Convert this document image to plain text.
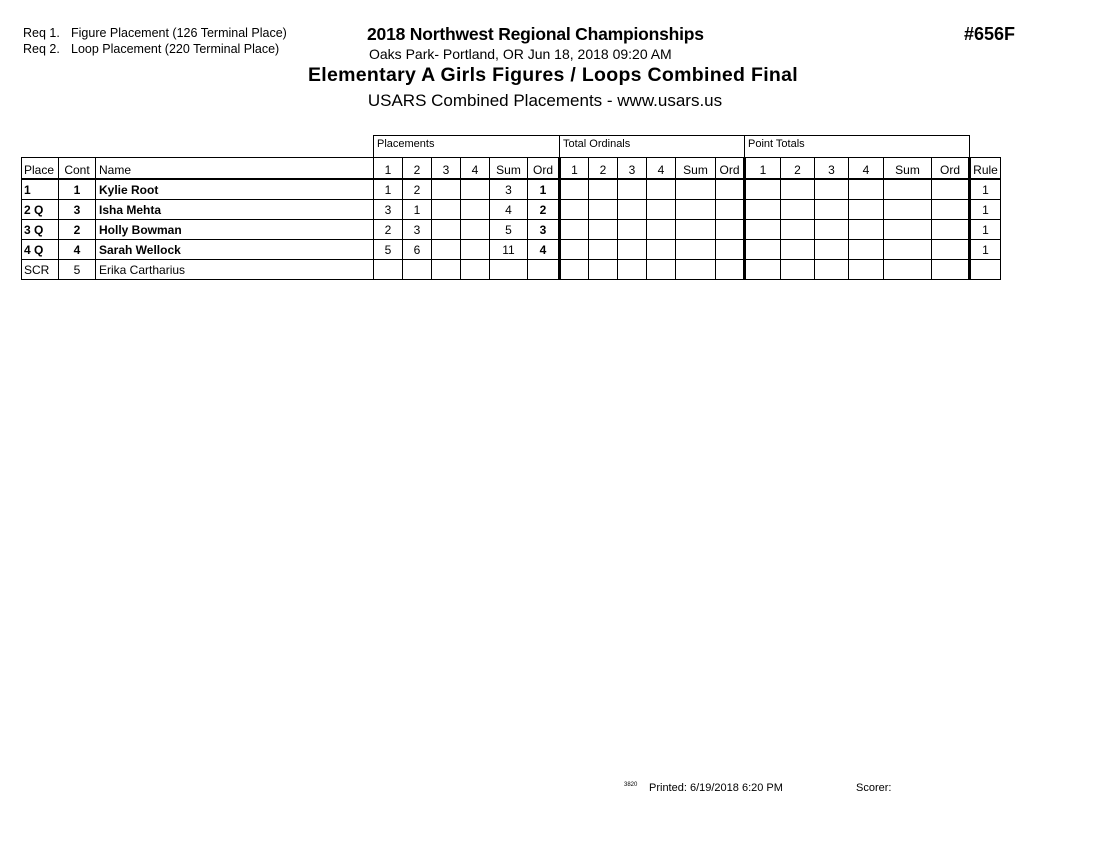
Req 1. Figure Placement (126 Terminal Place)
Req 2. Loop Placement (220 Terminal Place)
2018 Northwest Regional Championships
Oaks Park- Portland, OR Jun 18, 2018 09:20 AM
Elementary A Girls Figures / Loops Combined Final
USARS Combined Placements - www.usars.us
#656F
			Placements						Total Ordinals						Point Totals						
Place	Cont	Name	1	2	3	4	Sum	Ord	1	2	3	4	Sum	Ord	1	2	3	4	Sum	Ord	Rule
1	1	Kylie Root	1	2			3	1													1
2 Q	3	Isha Mehta	3	1			4	2													1
3 Q	2	Holly Bowman	2	3			5	3													1
4 Q	4	Sarah Wellock	5	6			11	4													1
SCR	5	Erika Cartharius																			
3820 Printed: 6/19/2018 6:20 PM	Scorer:
